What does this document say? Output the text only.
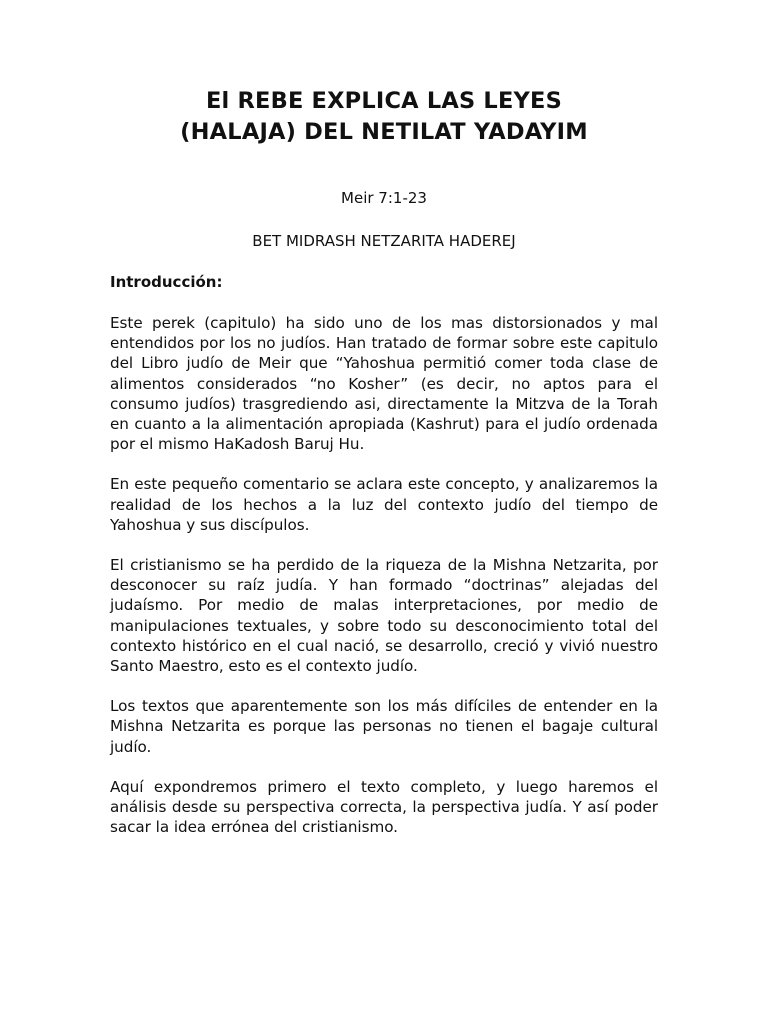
El REBE EXPLICA LAS LEYES
(HALAJA) DEL NETILAT YADAYIM

Meir 7:1-23

BET MIDRASH NETZARITA HADEREJ

Introducción:

Este perek (capitulo) ha sido uno de los mas distorsionados y mal entendidos por los no judíos. Han tratado de formar sobre este capitulo del Libro judío de Meir que “Yahoshua permitió comer toda clase de alimentos considerados “no Kosher” (es decir, no aptos para el consumo judíos) trasgrediendo asi, directamente la Mitzva de la Torah en cuanto a la alimentación apropiada (Kashrut) para el judío ordenada por el mismo HaKadosh Baruj Hu.

En este pequeño comentario se aclara este concepto, y analizaremos la realidad de los hechos a la luz del contexto judío del tiempo de Yahoshua y sus discípulos.

El cristianismo se ha perdido de la riqueza de la Mishna Netzarita, por desconocer su raíz judía. Y han formado “doctrinas” alejadas del judaísmo. Por medio de malas interpretaciones, por medio de manipulaciones textuales, y sobre todo su desconocimiento total del contexto histórico en el cual nació, se desarrollo, creció y vivió nuestro Santo Maestro, esto es el contexto judío.

Los textos que aparentemente son los más difíciles de entender en la Mishna Netzarita es porque las personas no tienen el bagaje cultural judío.

Aquí expondremos primero el texto completo, y luego haremos el análisis desde su perspectiva correcta, la perspectiva judía. Y así poder sacar la idea errónea del cristianismo.
